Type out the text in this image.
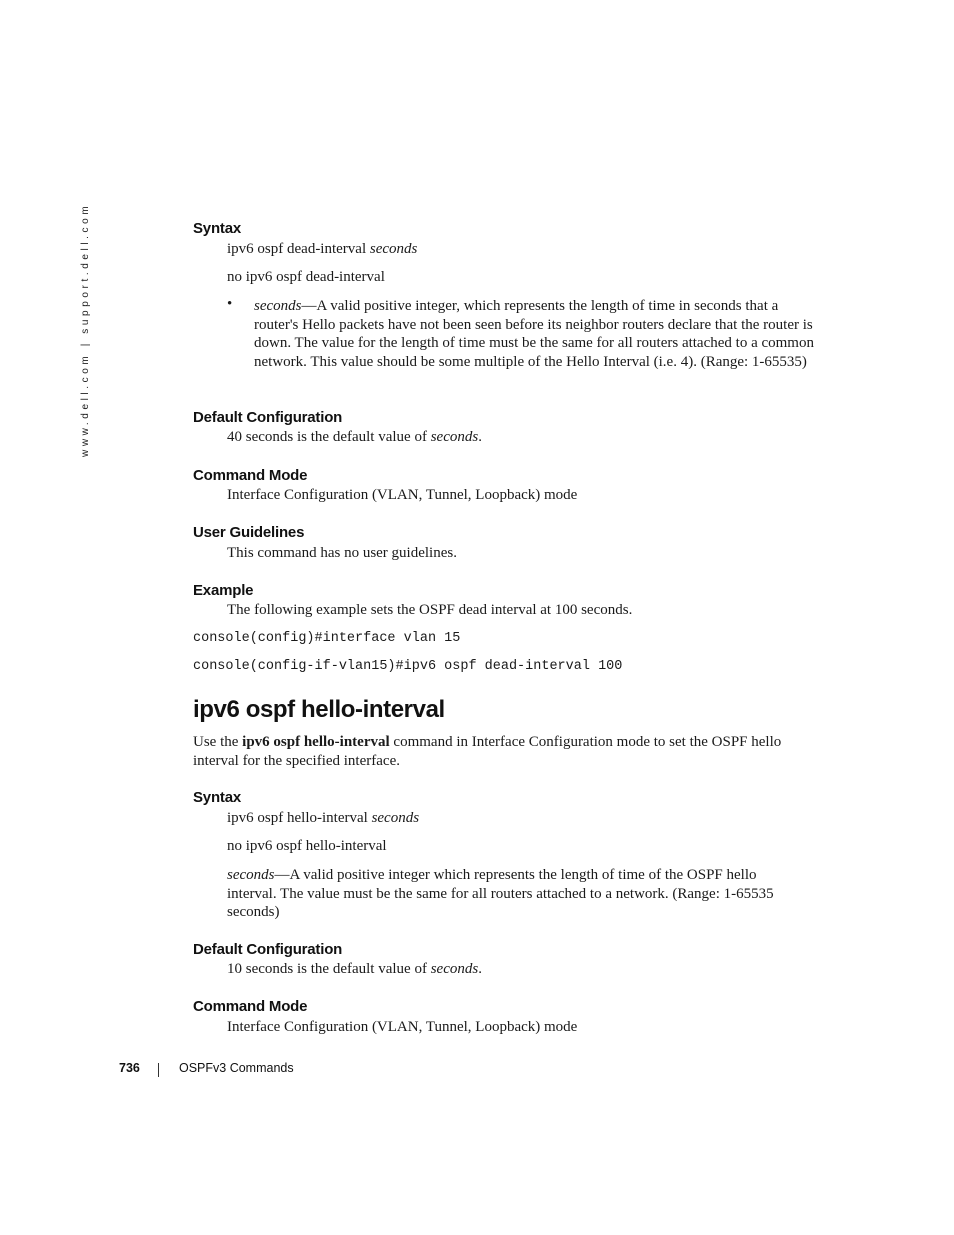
www.dell.com | support.dell.com	Syntax
ipv6 ospf dead-interval seconds
no ipv6 ospf dead-interval
• seconds—A valid positive integer, which represents the length of time in seconds that a router's Hello packets have not been seen before its neighbor routers declare that the router is down. The value for the length of time must be the same for all routers attached to a common network. This value should be some multiple of the Hello Interval (i.e. 4). (Range: 1-65535)
Default Configuration
40 seconds is the default value of seconds.
Command Mode
Interface Configuration (VLAN, Tunnel, Loopback) mode
User Guidelines
This command has no user guidelines.
Example
The following example sets the OSPF dead interval at 100 seconds.
console(config)#interface vlan 15
console(config-if-vlan15)#ipv6 ospf dead-interval 100
ipv6 ospf hello-interval
Use the ipv6 ospf hello-interval command in Interface Configuration mode to set the OSPF hello interval for the specified interface.
Syntax
ipv6 ospf hello-interval seconds
no ipv6 ospf hello-interval
seconds—A valid positive integer which represents the length of time of the OSPF hello interval. The value must be the same for all routers attached to a network. (Range: 1-65535 seconds)
Default Configuration
10 seconds is the default value of seconds.
Command Mode
Interface Configuration (VLAN, Tunnel, Loopback) mode
736	OSPFv3 Commands
